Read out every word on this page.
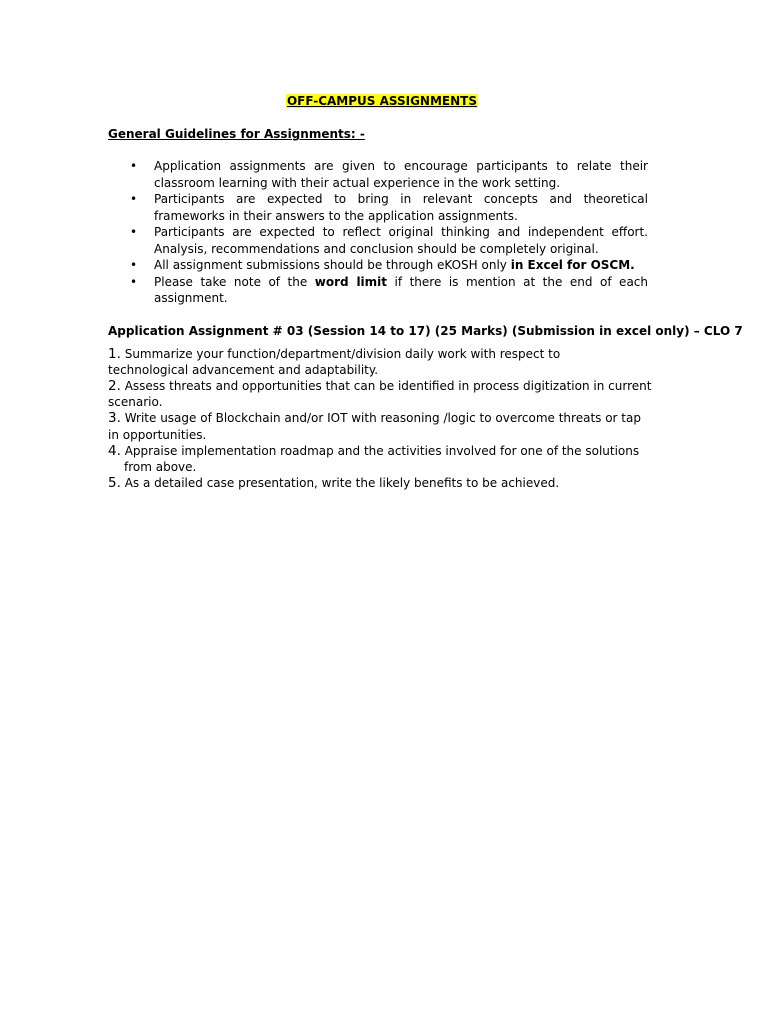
OFF-CAMPUS ASSIGNMENTS
General Guidelines for Assignments: -
• Application assignments are given to encourage participants to relate their classroom learning with their actual experience in the work setting.
• Participants are expected to bring in relevant concepts and theoretical frameworks in their answers to the application assignments.
• Participants are expected to reflect original thinking and independent effort. Analysis, recommendations and conclusion should be completely original.
• All assignment submissions should be through eKOSH only in Excel for OSCM.
• Please take note of the word limit if there is mention at the end of each assignment.
Application Assignment # 03 (Session 14 to 17) (25 Marks) (Submission in excel only) – CLO 7
1. Summarize your function/department/division daily work with respect to
technological advancement and adaptability.
2. Assess threats and opportunities that can be identified in process digitization in current
scenario.
3. Write usage of Blockchain and/or IOT with reasoning /logic to overcome threats or tap
in opportunities.
4. Appraise implementation roadmap and the activities involved for one of the solutions from above.
5. As a detailed case presentation, write the likely benefits to be achieved.
